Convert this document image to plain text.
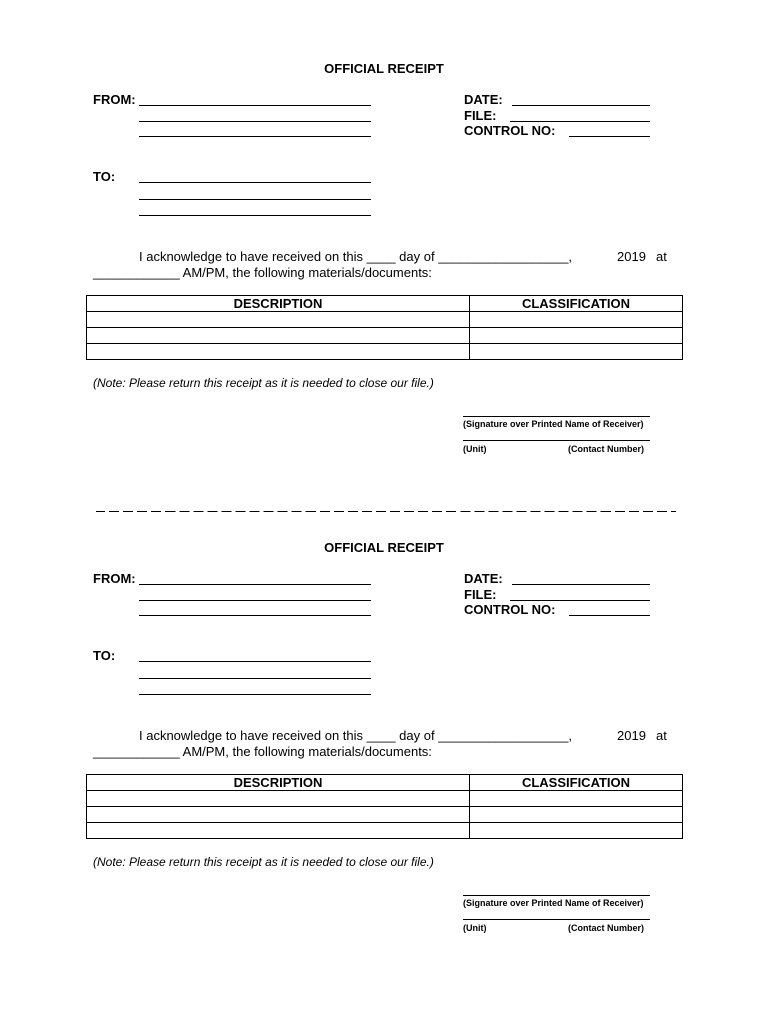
OFFICIAL RECEIPT
FROM:	DATE:
FILE:
CONTROL NO:
TO:
I acknowledge to have received on this ____ day of __________________,	2019 at
____________ AM/PM, the following materials/documents:
DESCRIPTION	CLASSIFICATION

(Note: Please return this receipt as it is needed to close our file.)
(Signature over Printed Name of Receiver)
(Unit)	(Contact Number)
OFFICIAL RECEIPT
FROM:	DATE:
FILE:
CONTROL NO:
TO:
I acknowledge to have received on this ____ day of __________________,	2019 at
____________ AM/PM, the following materials/documents:
DESCRIPTION	CLASSIFICATION

(Note: Please return this receipt as it is needed to close our file.)
(Signature over Printed Name of Receiver)
(Unit)	(Contact Number)
